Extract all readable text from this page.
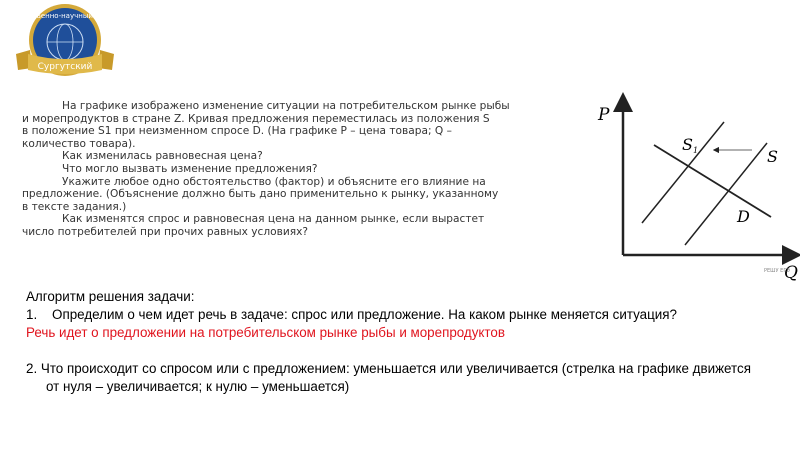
естественно-научный лицей
Сургутский
На графике изображено изменение ситуации на потребительском рынке рыбы
и морепродуктов в стране Z. Кривая предложения переместилась из положения S
в положение S1 при неизменном спросе D. (На графике P – цена товара; Q –
количество товара).
Как изменилась равновесная цена?
Что могло вызвать изменение предложения?
Укажите любое одно обстоятельство (фактор) и объясните его влияние на
предложение. (Объяснение должно быть дано применительно к рынку, указанному
в тексте задания.)
Как изменятся спрос и равновесная цена на данном рынке, если вырастет
число потребителей при прочих равных условиях?
P
S1	S
D
Q
РЕШУ ЕГЭ
Алгоритм решения задачи:
1.    Определим о чем идет речь в задаче: спрос или предложение. На каком рынке меняется ситуация?
Речь идет о предложении на потребительском рынке рыбы и морепродуктов
2. Что происходит со спросом или с предложением: уменьшается или увеличивается (стрелка на графике движется
от нуля – увеличивается; к нулю – уменьшается)
